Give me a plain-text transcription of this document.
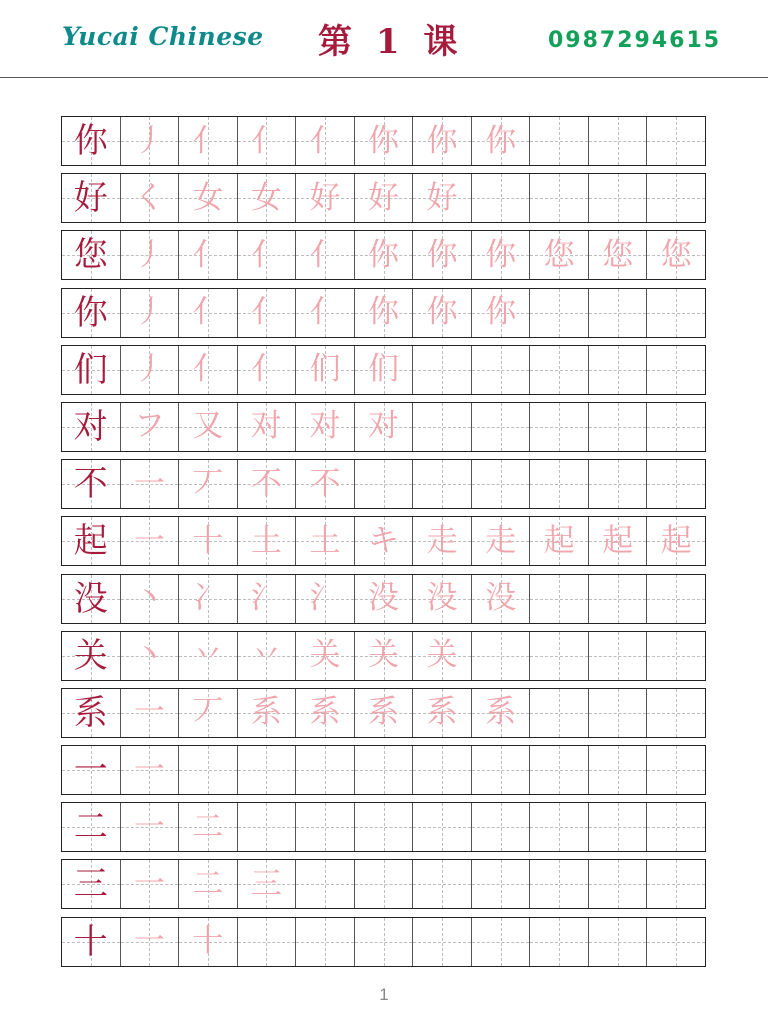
Yucai Chinese 第 1 课	0987294615
你 丿 亻 亻 亻 你 你 你
好 く 女 女 好 好 好
您 丿 亻 亻 亻 你 你 你 您 您 您
你 丿 亻 亻 亻 你 你 你
们 丿 亻 亻 们 们
对 フ 又 对 对 对
不 一 丆 不 不
起 一 十 土 土 キ 走 走 起 起 起
没 丶 冫 氵 氵 没 没 没
关 丶 丷 丷 关 关 关
系 一 丆 系 系 系 系 系
一 一
二 一 二
三 一 二 三
十 一 十
1
